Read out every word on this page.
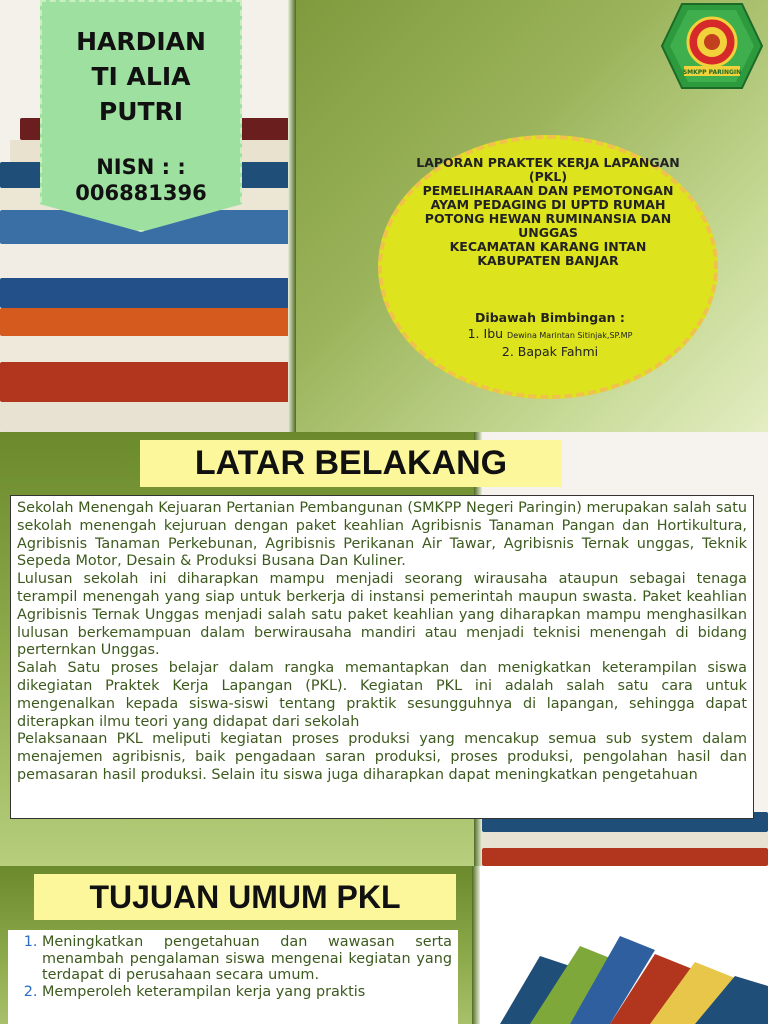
HARDIAN
TI ALIA
PUTRI
NISN : :
006881396
SMKPP PARINGIN
LAPORAN PRAKTEK KERJA LAPANGAN
(PKL)
PEMELIHARAAN DAN PEMOTONGAN
AYAM PEDAGING DI UPTD RUMAH
POTONG HEWAN RUMINANSIA DAN
UNGGAS
KECAMATAN KARANG INTAN
KABUPATEN BANJAR
Dibawah Bimbingan :
1. Ibu Dewina Marintan Sitinjak,SP.MP
2. Bapak Fahmi
LATAR BELAKANG

Sekolah Menengah Kejuaran Pertanian Pembangunan (SMKPP Negeri Paringin) merupakan salah satu sekolah menengah kejuruan dengan paket keahlian Agribisnis Tanaman Pangan dan Hortikultura, Agribisnis Tanaman Perkebunan, Agribisnis Perikanan Air Tawar, Agribisnis Ternak unggas, Teknik Sepeda Motor, Desain & Produksi Busana Dan Kuliner.

Lulusan sekolah ini diharapkan mampu menjadi seorang wirausaha ataupun sebagai tenaga terampil menengah yang siap untuk berkerja di instansi pemerintah maupun swasta. Paket keahlian Agribisnis Ternak Unggas menjadi salah satu paket keahlian yang diharapkan mampu menghasilkan lulusan berkemampuan dalam berwirausaha mandiri atau menjadi teknisi menengah di bidang perternkan Unggas.

Salah Satu proses belajar dalam rangka memantapkan dan menigkatkan keterampilan siswa dikegiatan Praktek Kerja Lapangan (PKL). Kegiatan PKL ini adalah salah satu cara untuk mengenalkan kepada siswa-siswi tentang praktik sesungguhnya di lapangan, sehingga dapat diterapkan ilmu teori yang didapat dari sekolah

Pelaksanaan PKL meliputi kegiatan proses produksi yang mencakup semua sub system dalam menajemen agribisnis, baik pengadaan saran produksi, proses produksi, pengolahan hasil dan pemasaran hasil produksi. Selain itu siswa juga diharapkan dapat meningkatkan pengetahuan

TUJUAN UMUM PKL
1. Meningkatkan pengetahuan dan wawasan serta menambah pengalaman siswa mengenai kegiatan yang terdapat di perusahaan secara umum.
2. Memperoleh keterampilan kerja yang praktis
